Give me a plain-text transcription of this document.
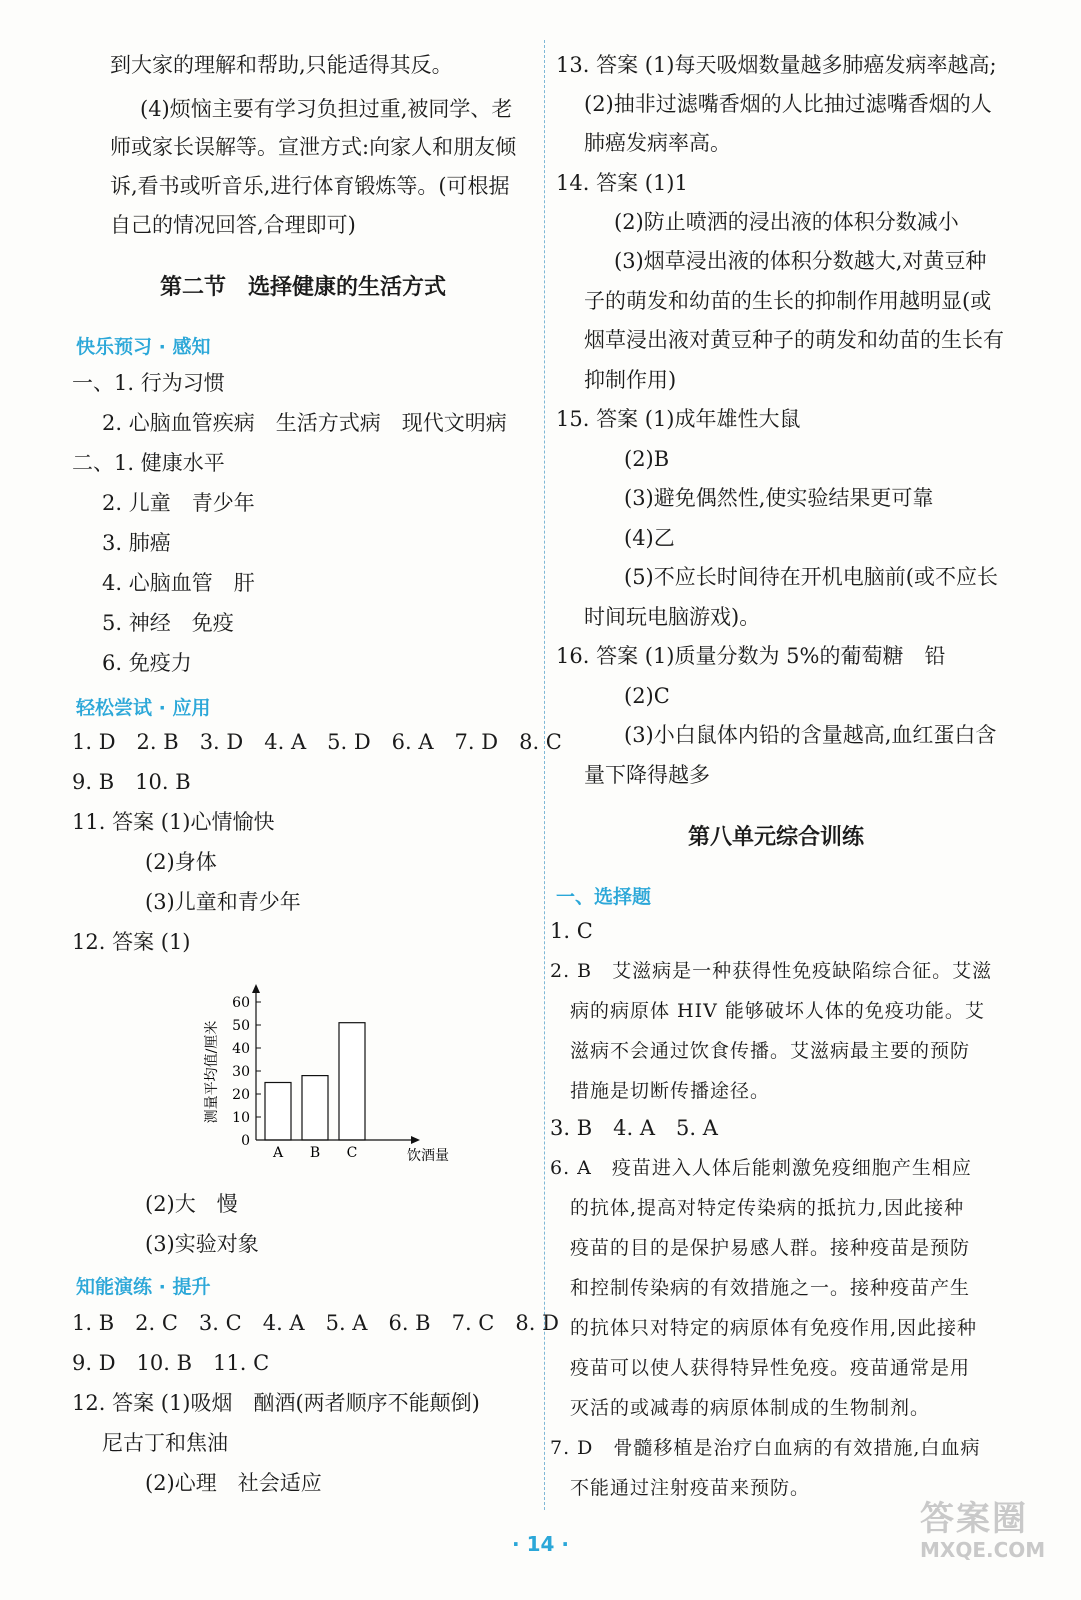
到大家的理解和帮助,只能适得其反。
(4)烦恼主要有学习负担过重,被同学、老
师或家长误解等。宣泄方式:向家人和朋友倾
诉,看书或听音乐,进行体育锻炼等。(可根据
自己的情况回答,合理即可)
第二节　选择健康的生活方式
快乐预习 · 感知
一、1. 行为习惯
2. 心脑血管疾病　生活方式病　现代文明病
二、1. 健康水平
2. 儿童　青少年
3. 肺癌
4. 心脑血管　肝
5. 神经　免疫
6. 免疫力
轻松尝试 · 应用
1. D　2. B　3. D　4. A　5. D　6. A　7. D　8. C
9. B　10. B
11. 答案 (1)心情愉快
(2)身体
(3)儿童和青少年
12. 答案 (1)
测量平均值/厘米
0
10
20
30
40
50
60
A B C	饮酒量
(2)大　慢
(3)实验对象
知能演练 · 提升
1. B　2. C　3. C　4. A　5. A　6. B　7. C　8. D
9. D　10. B　11. C
12. 答案 (1)吸烟　酗酒(两者顺序不能颠倒)
尼古丁和焦油
(2)心理　社会适应
13. 答案 (1)每天吸烟数量越多肺癌发病率越高;
(2)抽非过滤嘴香烟的人比抽过滤嘴香烟的人
肺癌发病率高。
14. 答案 (1)1
(2)防止喷洒的浸出液的体积分数减小
(3)烟草浸出液的体积分数越大,对黄豆种
子的萌发和幼苗的生长的抑制作用越明显(或
烟草浸出液对黄豆种子的萌发和幼苗的生长有
抑制作用)
15. 答案 (1)成年雄性大鼠
(2)B
(3)避免偶然性,使实验结果更可靠
(4)乙
(5)不应长时间待在开机电脑前(或不应长
时间玩电脑游戏)。
16. 答案 (1)质量分数为 5%的葡萄糖　铅
(2)C
(3)小白鼠体内铅的含量越高,血红蛋白含
量下降得越多
第八单元综合训练
一、选择题
1. C
2. B　艾滋病是一种获得性免疫缺陷综合征。艾滋
病的病原体 HIV 能够破坏人体的免疫功能。艾
滋病不会通过饮食传播。艾滋病最主要的预防
措施是切断传播途径。
3. B　4. A　5. A
6. A　疫苗进入人体后能刺激免疫细胞产生相应
的抗体,提高对特定传染病的抵抗力,因此接种
疫苗的目的是保护易感人群。接种疫苗是预防
和控制传染病的有效措施之一。接种疫苗产生
的抗体只对特定的病原体有免疫作用,因此接种
疫苗可以使人获得特异性免疫。疫苗通常是用
灭活的或减毒的病原体制成的生物制剂。
7. D　骨髓移植是治疗白血病的有效措施,白血病
不能通过注射疫苗来预防。
· 14 ·
答案圈
MXQE.COM
